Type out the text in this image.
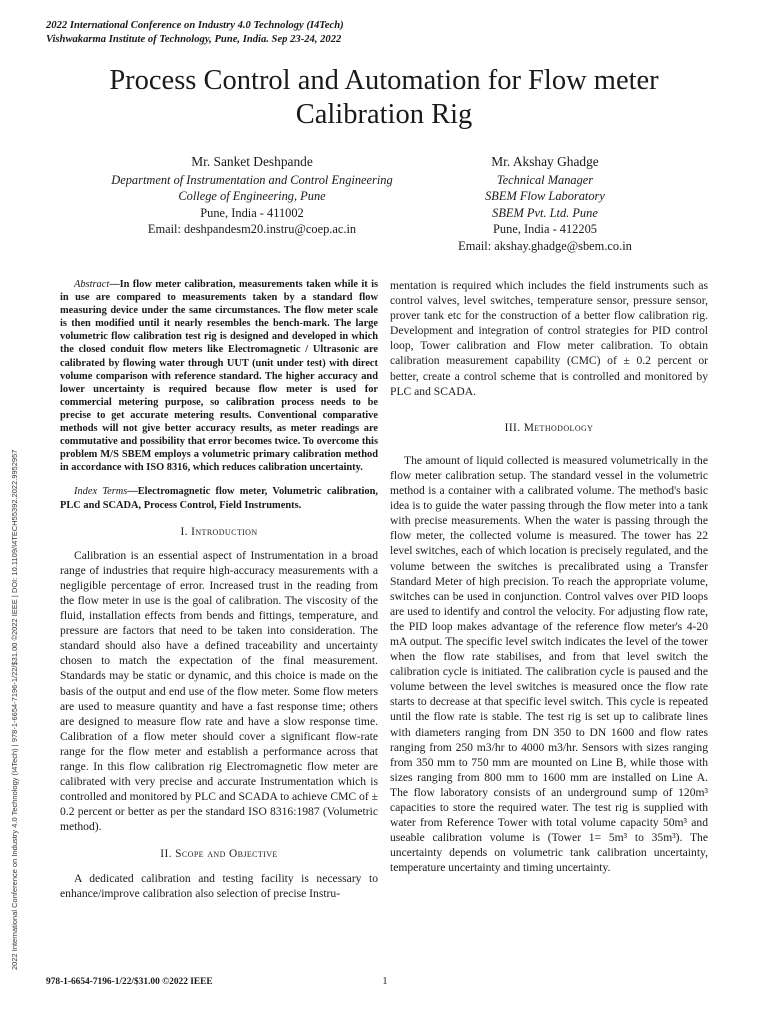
2022 International Conference on Industry 4.0 Technology (I4Tech)
Vishwakarma Institute of Technology, Pune, India. Sep 23-24, 2022
Process Control and Automation for Flow meter
Calibration Rig
Mr. Sanket Deshpande
Department of Instrumentation and Control Engineering
College of Engineering, Pune
Pune, India - 411002
Email: deshpandesm20.instru@coep.ac.in
Mr. Akshay Ghadge
Technical Manager
SBEM Flow Laboratory
SBEM Pvt. Ltd. Pune
Pune, India - 412205
Email: akshay.ghadge@sbem.co.in
2022 International Conference on Industry 4.0 Technology (I4Tech) | 978-1-6654-7196-1/22/$31.00 ©2022 IEEE | DOI: 10.1109/I4TECH55392.2022.9952957

Abstract—In flow meter calibration, measurements taken while it is in use are compared to measurements taken by a standard flow measuring device under the same circumstances. The flow meter scale is then modified until it nearly resembles the bench-mark. The large volumetric flow calibration test rig is designed and developed in which the closed conduit flow meters like Electromagnetic / Ultrasonic are calibrated by flowing water through UUT (unit under test) with direct volume comparison with reference standard. The higher accuracy and lower uncertainty is required because flow meter is used for commercial metering purpose, so calibration process needs to be precise to get accurate metering results. Conventional comparative methods will not give better accuracy results, as meter readings are commutative and possibility that error becomes twice. To overcome this problem M/S SBEM employs a volumetric primary calibration method in accordance with ISO 8316, which reduces calibration uncertainty.

Index Terms—Electromagnetic flow meter, Volumetric calibration, PLC and SCADA, Process Control, Field Instruments.

I. Introduction

Calibration is an essential aspect of Instrumentation in a broad range of industries that require high-accuracy measurements with a negligible percentage of error. Increased trust in the reading from the flow meter in use is the goal of calibration. The viscosity of the fluid, installation effects from bends and fittings, temperature, and pressure are factors that need to be taken into consideration. The standard should also have a defined traceability and uncertainty chosen to match the expectation of the final measurement. Standards may be static or dynamic, and this choice is made on the basis of the output and end use of the flow meter. Some flow meters are used to measure quantity and have a fast response time; others are designed to measure flow rate and have a slow response time. Calibration of a flow meter should cover a significant flow-rate range for the flow meter and establish a performance across that range. In this flow calibration rig Electromagnetic flow meter are calibrated with very precise and accurate Instrumentation which is controlled and monitored by PLC and SCADA to achieve CMC of ± 0.2 percent or better as per the standard ISO 8316:1987 (Volumetric method).

II. Scope and Objective

A dedicated calibration and testing facility is necessary to enhance/improve calibration also selection of precise Instru-

mentation is required which includes the field instruments such as control valves, level switches, temperature sensor, pressure sensor, prover tank etc for the construction of a better flow calibration rig. Development and integration of control strategies for PID control loop, Tower calibration and Flow meter calibration. To obtain calibration measurement capability (CMC) of ± 0.2 percent or better, create a control scheme that is controlled and monitored by PLC and SCADA.

III. Methodology

The amount of liquid collected is measured volumetrically in the flow meter calibration setup. The standard vessel in the volumetric method is a container with a calibrated volume. The method's basic idea is to guide the water passing through the flow meter into a tank with precise measurements. When the water is passing through the flow meter, the collected volume is measured. The tower has 22 level switches, each of which location is precisely regulated, and the volume between the switches is precalibrated using a Transfer Standard Meter of high precision. To reach the appropriate volume, switches can be used in conjunction. Control valves over PID loops are used to identify and control the velocity. For adjusting flow rate, the PID loop makes advantage of the reference flow meter's 4-20 mA output. The specific level switch indicates the level of the tower when the flow rate stabilises, and from that level switch the calibration cycle is initiated. The calibration cycle is paused and the volume between the level switches is measured once the flow rate starts to decrease at that specific level switch. This cycle is repeated until the flow rate is stable. The test rig is set up to calibrate lines with diameters ranging from DN 350 to DN 1600 and flow rates ranging from 250 m3/hr to 4000 m3/hr. Sensors with sizes ranging from 350 mm to 750 mm are mounted on Line B, while those with sizes ranging from 800 mm to 1600 mm are installed on Line A. The flow laboratory consists of an underground sump of 120m³ capacities to store the required water. The test rig is supplied with water from Reference Tower with total volume capacity 50m³ and useable calibration volume is (Tower 1= 5m³ to 35m³). The uncertainty depends on volumetric tank calibration uncertainty, temperature uncertainty and timing uncertainty.

978-1-6654-7196-1/22/$31.00 ©2022 IEEE	1
